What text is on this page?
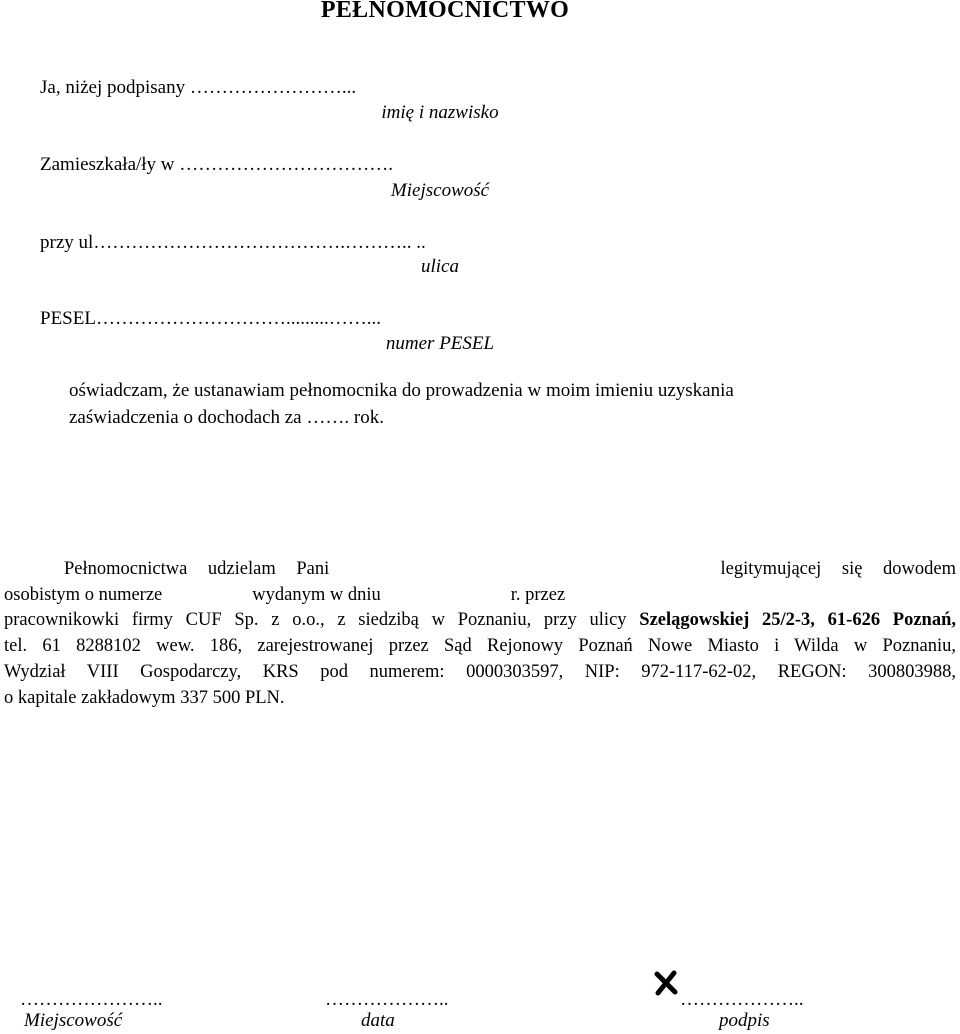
PEŁNOMOCNICTWO
Ja, niżej podpisany ……………………...
imię i nazwisko
Zamieszkała/ły w …………………………….
Miejscowość
przy ul………………………………….……….. ..
ulica
PESEL………………………….........……...
numer PESEL
oświadczam, że ustanawiam pełnomocnika do prowadzenia w moim imieniu uzyskania
zaświadczenia o dochodach za ……. rok.
Pełnomocnictwa udzielam Pani	legitymującej się dowodem
osobistym o numerze	wydanym w dniu	r. przez
pracownikowki firmy CUF Sp. z o.o., z siedzibą w Poznaniu, przy ulicy Szelągowskiej 25/2-3, 61-626 Poznań,
tel. 61 8288102 wew. 186, zarejestrowanej przez Sąd Rejonowy Poznań Nowe Miasto i Wilda w Poznaniu,
Wydział VIII Gospodarczy, KRS pod numerem: 0000303597, NIP: 972-117-62-02, REGON: 300803988,
o kapitale zakładowym 337 500 PLN.
…………………..
Miejscowość
………………..
data
………………..
podpis
